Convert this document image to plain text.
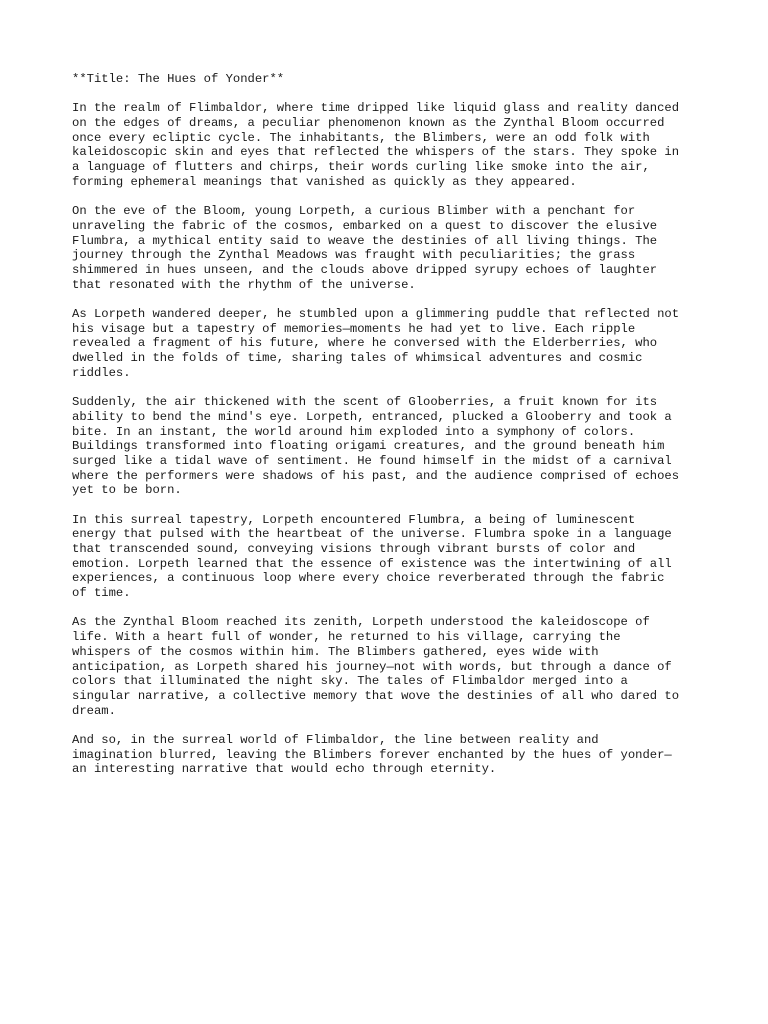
**Title: The Hues of Yonder**
In the realm of Flimbaldor, where time dripped like liquid glass and reality danced
on the edges of dreams, a peculiar phenomenon known as the Zynthal Bloom occurred
once every ecliptic cycle. The inhabitants, the Blimbers, were an odd folk with
kaleidoscopic skin and eyes that reflected the whispers of the stars. They spoke in
a language of flutters and chirps, their words curling like smoke into the air,
forming ephemeral meanings that vanished as quickly as they appeared.
On the eve of the Bloom, young Lorpeth, a curious Blimber with a penchant for
unraveling the fabric of the cosmos, embarked on a quest to discover the elusive
Flumbra, a mythical entity said to weave the destinies of all living things. The
journey through the Zynthal Meadows was fraught with peculiarities; the grass
shimmered in hues unseen, and the clouds above dripped syrupy echoes of laughter
that resonated with the rhythm of the universe.
As Lorpeth wandered deeper, he stumbled upon a glimmering puddle that reflected not
his visage but a tapestry of memories—moments he had yet to live. Each ripple
revealed a fragment of his future, where he conversed with the Elderberries, who
dwelled in the folds of time, sharing tales of whimsical adventures and cosmic
riddles.
Suddenly, the air thickened with the scent of Glooberries, a fruit known for its
ability to bend the mind's eye. Lorpeth, entranced, plucked a Glooberry and took a
bite. In an instant, the world around him exploded into a symphony of colors.
Buildings transformed into floating origami creatures, and the ground beneath him
surged like a tidal wave of sentiment. He found himself in the midst of a carnival
where the performers were shadows of his past, and the audience comprised of echoes
yet to be born.
In this surreal tapestry, Lorpeth encountered Flumbra, a being of luminescent
energy that pulsed with the heartbeat of the universe. Flumbra spoke in a language
that transcended sound, conveying visions through vibrant bursts of color and
emotion. Lorpeth learned that the essence of existence was the intertwining of all
experiences, a continuous loop where every choice reverberated through the fabric
of time.
As the Zynthal Bloom reached its zenith, Lorpeth understood the kaleidoscope of
life. With a heart full of wonder, he returned to his village, carrying the
whispers of the cosmos within him. The Blimbers gathered, eyes wide with
anticipation, as Lorpeth shared his journey—not with words, but through a dance of
colors that illuminated the night sky. The tales of Flimbaldor merged into a
singular narrative, a collective memory that wove the destinies of all who dared to
dream.
And so, in the surreal world of Flimbaldor, the line between reality and
imagination blurred, leaving the Blimbers forever enchanted by the hues of yonder—
an interesting narrative that would echo through eternity.
